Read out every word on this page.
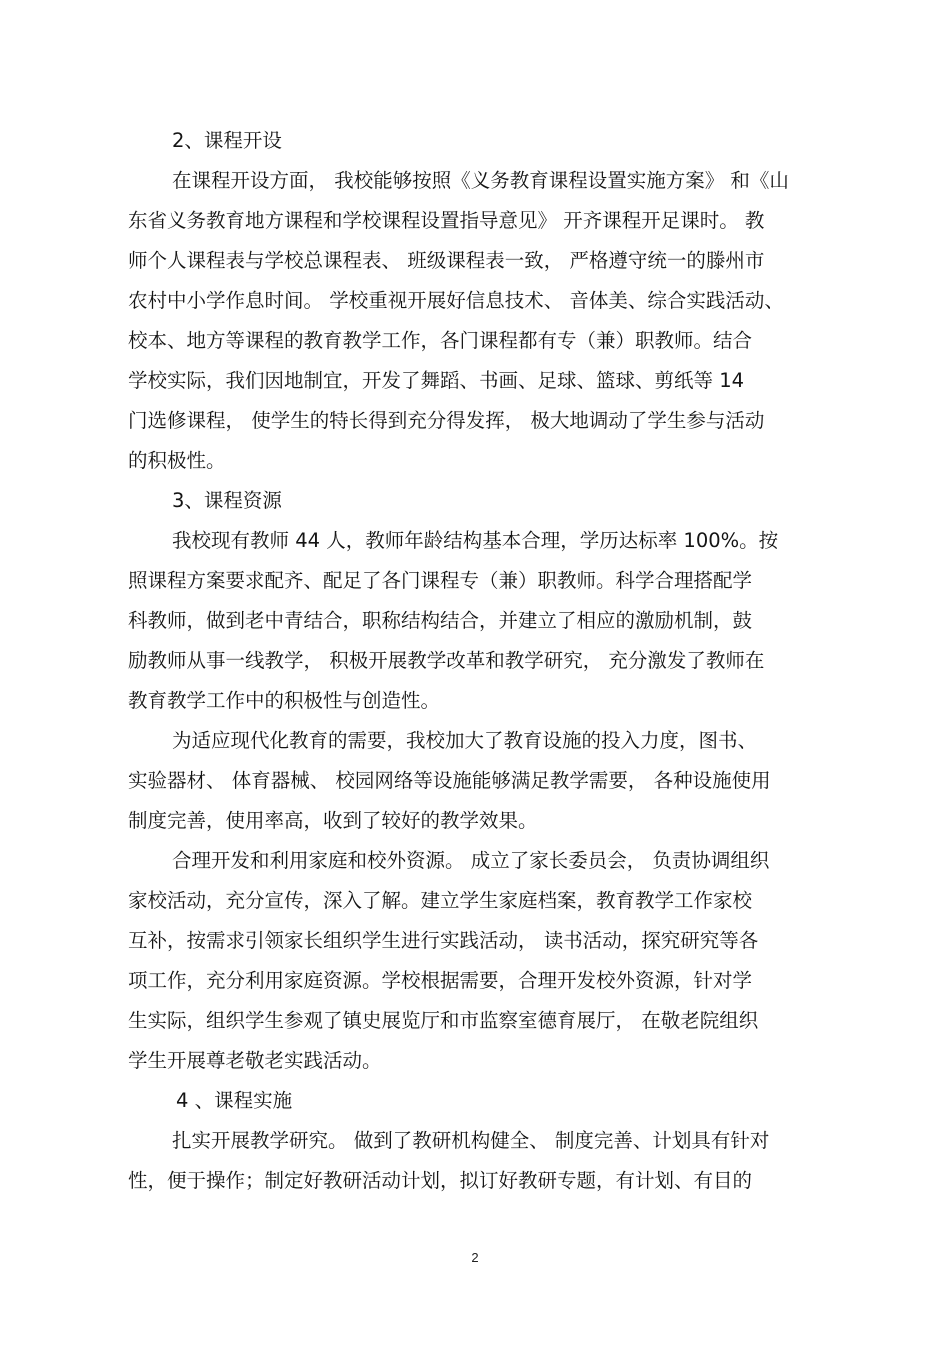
2、课程开设
在课程开设方面， 我校能够按照《义务教育课程设置实施方案》 和《山
东省义务教育地方课程和学校课程设置指导意见》 开齐课程开足课时。 教
师个人课程表与学校总课程表、 班级课程表一致， 严格遵守统一的滕州市
农村中小学作息时间。 学校重视开展好信息技术、 音体美、综合实践活动、
校本、地方等课程的教育教学工作，各门课程都有专（兼）职教师。结合
学校实际，我们因地制宜，开发了舞蹈、书画、足球、篮球、剪纸等 14
门选修课程， 使学生的特长得到充分得发挥， 极大地调动了学生参与活动
的积极性。
3、课程资源
我校现有教师 44 人，教师年龄结构基本合理，学历达标率 100%。按
照课程方案要求配齐、配足了各门课程专（兼）职教师。科学合理搭配学
科教师，做到老中青结合，职称结构结合，并建立了相应的激励机制，鼓
励教师从事一线教学， 积极开展教学改革和教学研究， 充分激发了教师在
教育教学工作中的积极性与创造性。
为适应现代化教育的需要，我校加大了教育设施的投入力度，图书、
实验器材、 体育器械、 校园网络等设施能够满足教学需要， 各种设施使用
制度完善，使用率高，收到了较好的教学效果。
合理开发和利用家庭和校外资源。 成立了家长委员会， 负责协调组织
家校活动，充分宣传，深入了解。建立学生家庭档案，教育教学工作家校
互补，按需求引领家长组织学生进行实践活动， 读书活动，探究研究等各
项工作，充分利用家庭资源。学校根据需要，合理开发校外资源，针对学
生实际，组织学生参观了镇史展览厅和市监察室德育展厅， 在敬老院组织
学生开展尊老敬老实践活动。
4 、课程实施
扎实开展教学研究。 做到了教研机构健全、 制度完善、计划具有针对
性，便于操作；制定好教研活动计划，拟订好教研专题，有计划、有目的
2
